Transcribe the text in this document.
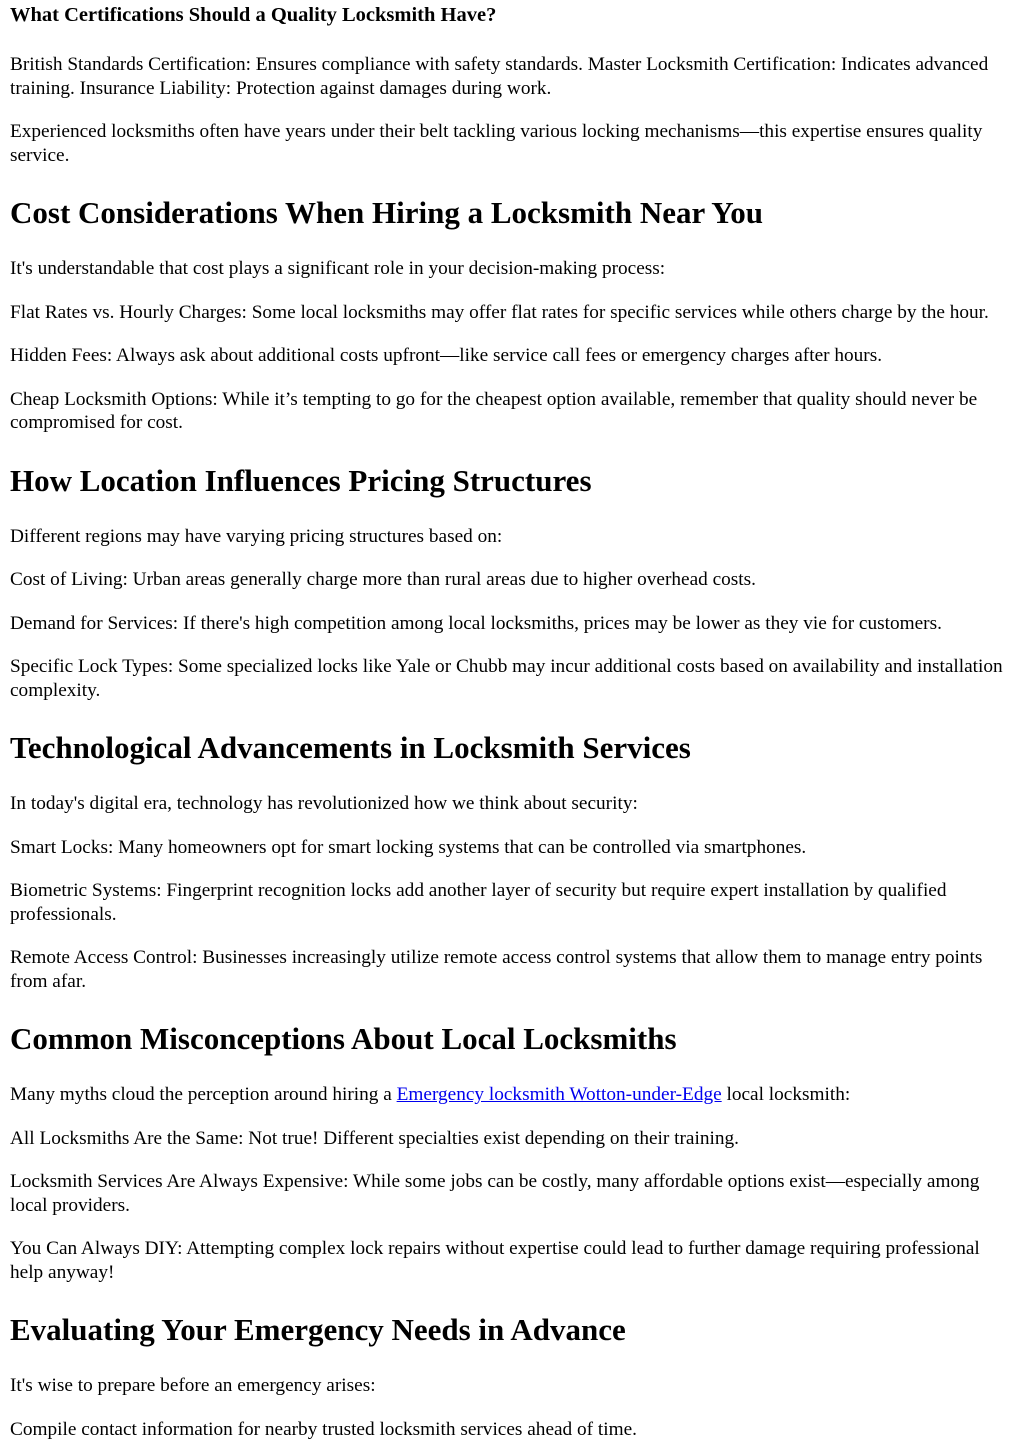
What Certifications Should a Quality Locksmith Have?

British Standards Certification: Ensures compliance with safety standards. Master Locksmith Certification: Indicates advanced training. Insurance Liability: Protection against damages during work.

Experienced locksmiths often have years under their belt tackling various locking mechanisms—this expertise ensures quality service.

Cost Considerations When Hiring a Locksmith Near You

It's understandable that cost plays a significant role in your decision-making process:

Flat Rates vs. Hourly Charges: Some local locksmiths may offer flat rates for specific services while others charge by the hour.

Hidden Fees: Always ask about additional costs upfront—like service call fees or emergency charges after hours.

Cheap Locksmith Options: While it’s tempting to go for the cheapest option available, remember that quality should never be compromised for cost.

How Location Influences Pricing Structures

Different regions may have varying pricing structures based on:

Cost of Living: Urban areas generally charge more than rural areas due to higher overhead costs.

Demand for Services: If there's high competition among local locksmiths, prices may be lower as they vie for customers.

Specific Lock Types: Some specialized locks like Yale or Chubb may incur additional costs based on availability and installation complexity.

Technological Advancements in Locksmith Services

In today's digital era, technology has revolutionized how we think about security:

Smart Locks: Many homeowners opt for smart locking systems that can be controlled via smartphones.

Biometric Systems: Fingerprint recognition locks add another layer of security but require expert installation by qualified professionals.

Remote Access Control: Businesses increasingly utilize remote access control systems that allow them to manage entry points from afar.

Common Misconceptions About Local Locksmiths

Many myths cloud the perception around hiring a Emergency locksmith Wotton-under-Edge local locksmith:

All Locksmiths Are the Same: Not true! Different specialties exist depending on their training.

Locksmith Services Are Always Expensive: While some jobs can be costly, many affordable options exist—especially among local providers.

You Can Always DIY: Attempting complex lock repairs without expertise could lead to further damage requiring professional help anyway!

Evaluating Your Emergency Needs in Advance

It's wise to prepare before an emergency arises:

Compile contact information for nearby trusted locksmith services ahead of time.
